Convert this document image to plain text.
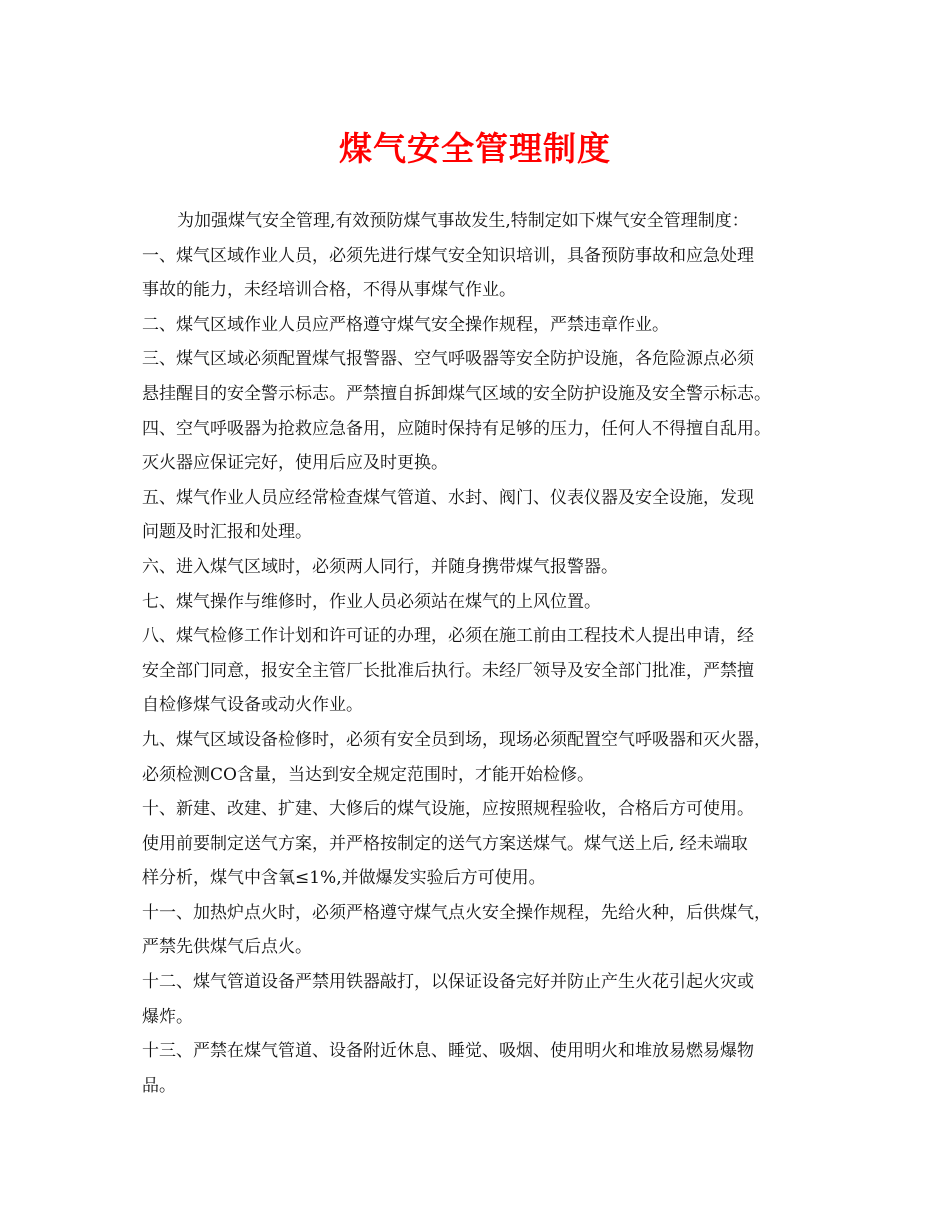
煤气安全管理制度

为加强煤气安全管理,有效预防煤气事故发生,特制定如下煤气安全管理制度：

一、煤气区域作业人员，必须先进行煤气安全知识培训，具备预防事故和应急处理

事故的能力，未经培训合格，不得从事煤气作业。

二、煤气区域作业人员应严格遵守煤气安全操作规程，严禁违章作业。

三、煤气区域必须配置煤气报警器、空气呼吸器等安全防护设施，各危险源点必须

悬挂醒目的安全警示标志。严禁擅自拆卸煤气区域的安全防护设施及安全警示标志。

四、空气呼吸器为抢救应急备用，应随时保持有足够的压力，任何人不得擅自乱用。

灭火器应保证完好，使用后应及时更换。

五、煤气作业人员应经常检查煤气管道、水封、阀门、仪表仪器及安全设施，发现

问题及时汇报和处理。

六、进入煤气区域时，必须两人同行，并随身携带煤气报警器。

七、煤气操作与维修时，作业人员必须站在煤气的上风位置。

八、煤气检修工作计划和许可证的办理，必须在施工前由工程技术人提出申请，经

安全部门同意，报安全主管厂长批准后执行。未经厂领导及安全部门批准，严禁擅

自检修煤气设备或动火作业。

九、煤气区域设备检修时，必须有安全员到场，现场必须配置空气呼吸器和灭火器，

必须检测CO含量，当达到安全规定范围时，才能开始检修。

十、新建、改建、扩建、大修后的煤气设施，应按照规程验收，合格后方可使用。

使用前要制定送气方案，并严格按制定的送气方案送煤气。煤气送上后, 经未端取

样分析，煤气中含氧≤1%,并做爆发实验后方可使用。

十一、加热炉点火时，必须严格遵守煤气点火安全操作规程，先给火种，后供煤气，

严禁先供煤气后点火。

十二、煤气管道设备严禁用铁器敲打，以保证设备完好并防止产生火花引起火灾或

爆炸。

十三、严禁在煤气管道、设备附近休息、睡觉、吸烟、使用明火和堆放易燃易爆物

品。
